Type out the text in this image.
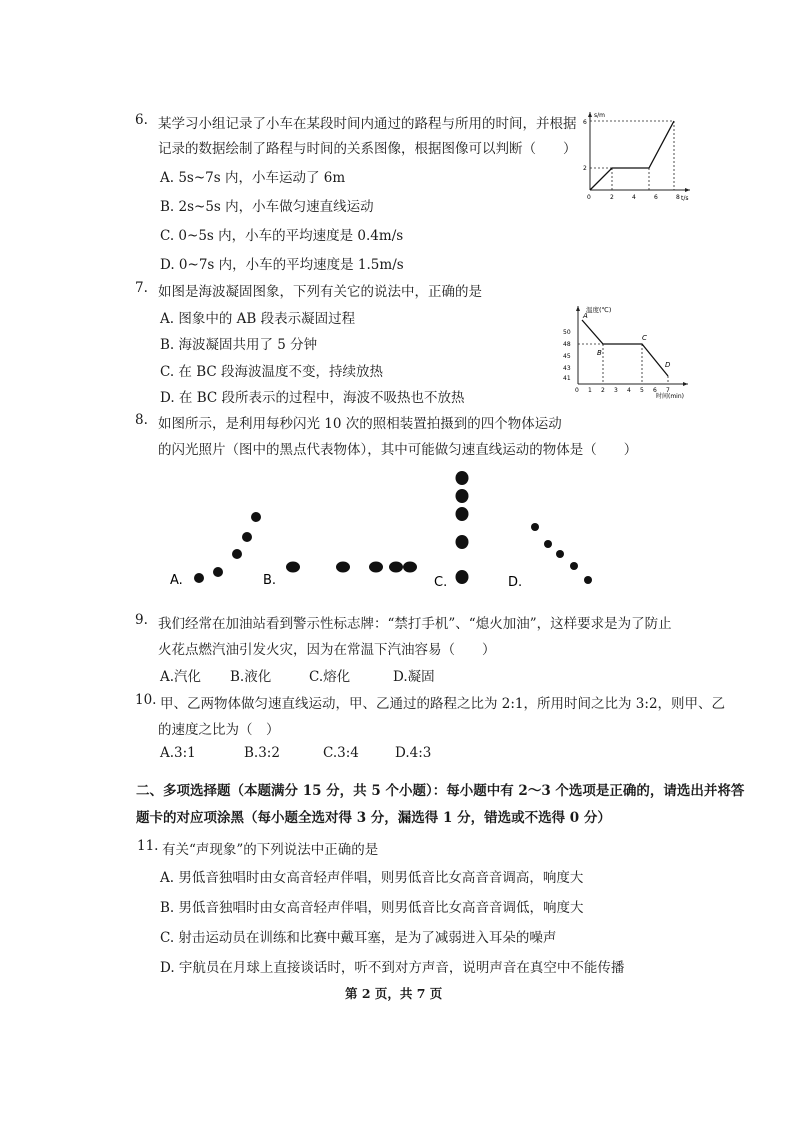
6. 某学习小组记录了小车在某段时间内通过的路程与所用的时间，并根据
记录的数据绘制了路程与时间的关系图像，根据图像可以判断（　　）
A. 5s~7s 内，小车运动了 6m
B. 2s~5s 内，小车做匀速直线运动
C. 0~5s 内，小车的平均速度是 0.4m/s
D. 0~7s 内，小车的平均速度是 1.5m/s
s/m
t/s
6
2
0	2	4	6	8
7. 如图是海波凝固图象，下列有关它的说法中，正确的是
A. 图象中的 AB 段表示凝固过程
B. 海波凝固共用了 5 分钟
C. 在 BC 段海波温度不变，持续放热
D. 在 BC 段所表示的过程中，海波不吸热也不放热
温度(℃)
时间(min)
50
48
45
43
41
0 1 2 3 4 5 6 7
A
B
C
D
8. 如图所示，是利用每秒闪光 10 次的照相装置拍摄到的四个物体运动
的闪光照片（图中的黑点代表物体），其中可能做匀速直线运动的物体是（　　）
A.	B.	C.	D.
9. 我们经常在加油站看到警示性标志牌：“禁打手机”、“熄火加油”，这样要求是为了防止
火花点燃汽油引发火灾，因为在常温下汽油容易（　　）
A.汽化 B.液化	C.熔化	D.凝固
10. 甲、乙两物体做匀速直线运动，甲、乙通过的路程之比为 2:1，所用时间之比为 3:2，则甲、乙
的速度之比为（　）
A.3:1	B.3:2	C.3:4	D.4:3
二、多项选择题（本题满分 15 分，共 5 个小题）：每小题中有 2～3 个选项是正确的，请选出并将答
题卡的对应项涂黑（每小题全选对得 3 分，漏选得 1 分，错选或不选得 0 分）
11. 有关“声现象”的下列说法中正确的是
A. 男低音独唱时由女高音轻声伴唱，则男低音比女高音音调高，响度大
B. 男低音独唱时由女高音轻声伴唱，则男低音比女高音音调低，响度大
C. 射击运动员在训练和比赛中戴耳塞，是为了减弱进入耳朵的噪声
D. 宇航员在月球上直接谈话时，听不到对方声音，说明声音在真空中不能传播
第 2 页，共 7 页
